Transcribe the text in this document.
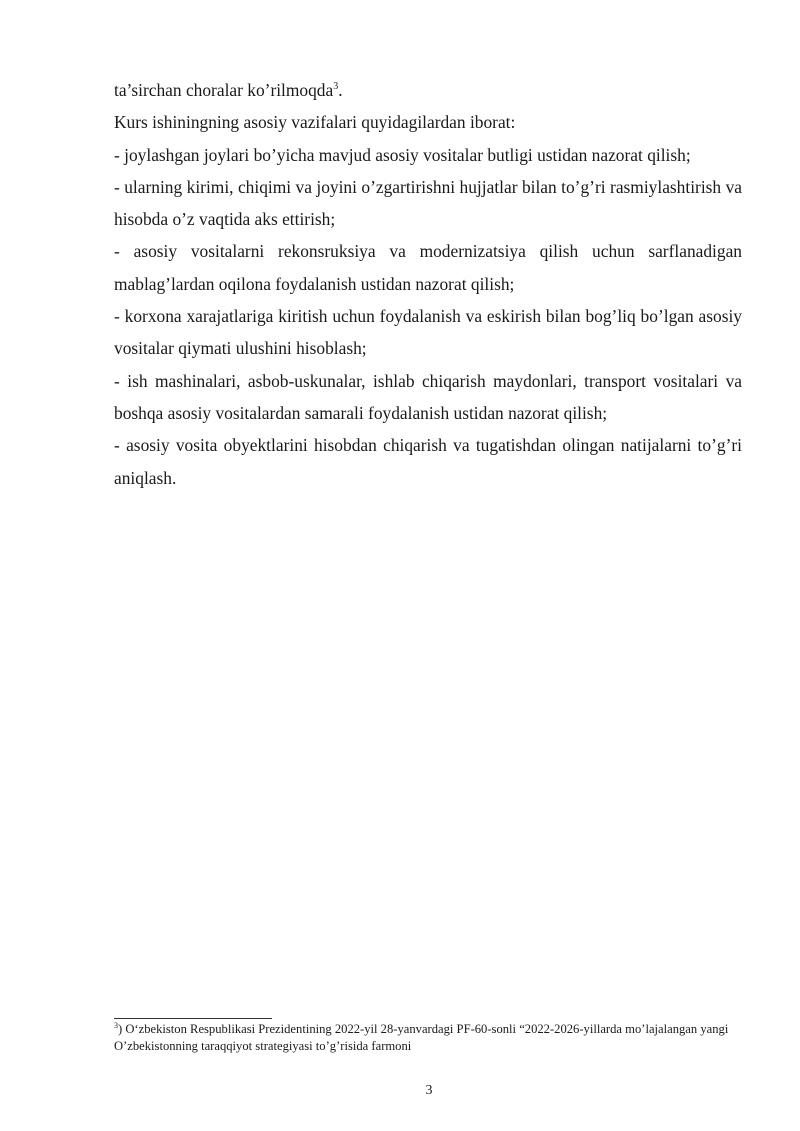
ta’sirchan choralar ko’rilmoqda$^3$.

Kurs ishiningning asosiy vazifalari quyidagilardan iborat:

- joylashgan joylari bo’yicha mavjud asosiy vositalar butligi ustidan nazorat qilish;

- ularning kirimi, chiqimi va joyini o’zgartirishni hujjatlar bilan to’g’ri rasmiylashtirish va hisobda o’z vaqtida aks ettirish;

- asosiy vositalarni rekonsruksiya va modernizatsiya qilish uchun sarflanadigan mablag’lardan oqilona foydalanish ustidan nazorat qilish;

- korxona xarajatlariga kiritish uchun foydalanish va eskirish bilan bog’liq bo’lgan asosiy vositalar qiymati ulushini hisoblash;

- ish mashinalari, asbob-uskunalar, ishlab chiqarish maydonlari, transport vositalari va boshqa asosiy vositalardan samarali foydalanish ustidan nazorat qilish;

- asosiy vosita obyektlarini hisobdan chiqarish va tugatishdan olingan natijalarni to’g’ri aniqlash.

$^3$) O‘zbekiston Respublikasi Prezidentining 2022-yil 28-yanvardagi PF-60-sonli “2022-2026-yillarda mo’lajalangan yangi O’zbekistonning taraqqiyot strategiyasi to’g’risida farmoni
3
